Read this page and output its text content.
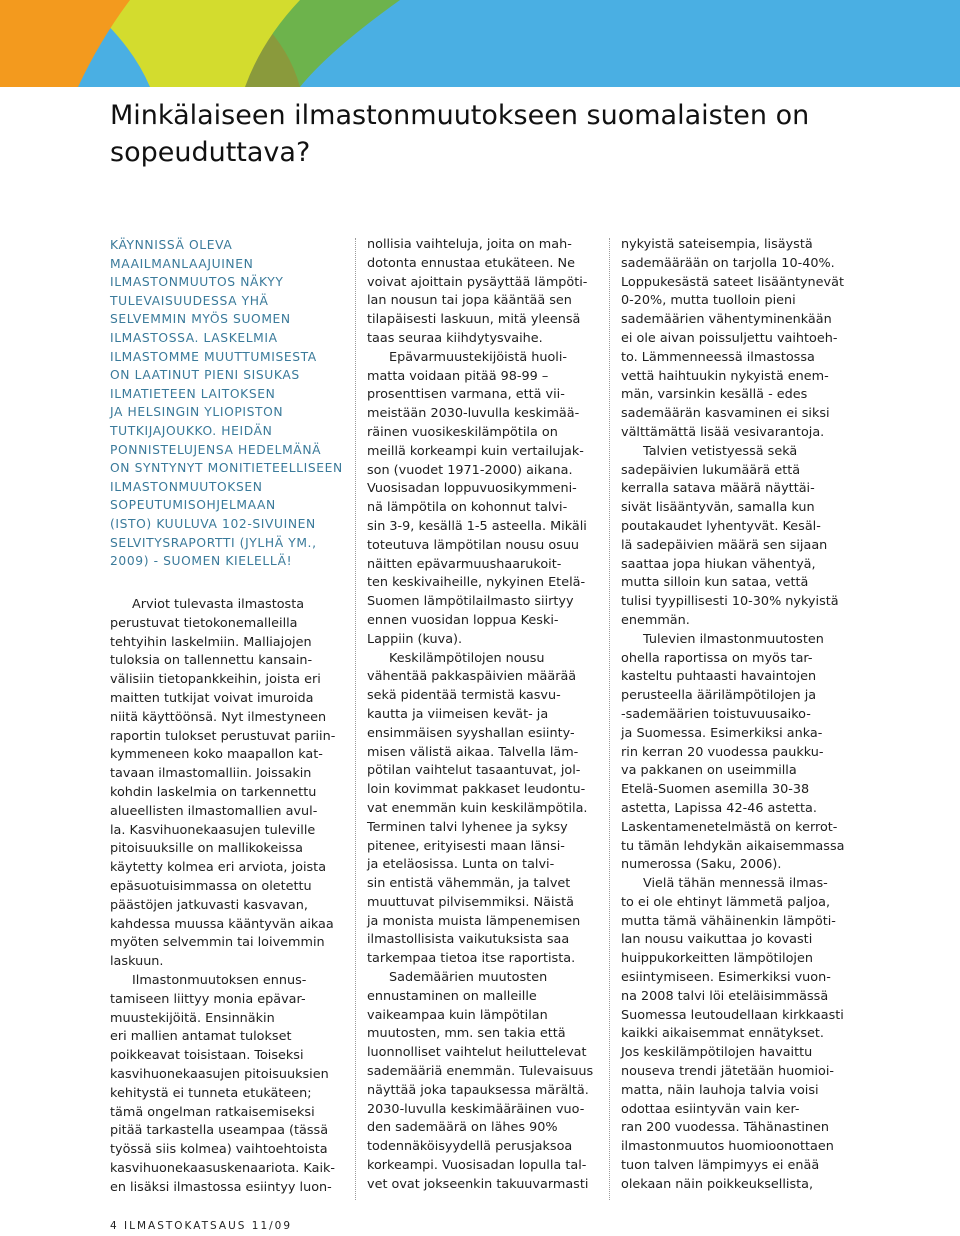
Minkälaiseen ilmastonmuutokseen suomalaisten on sopeuduttava?
KÄYNNISSÄ OLEVA
MAAILMANLAAJUINEN
ILMASTONMUUTOS NÄKYY
TULEVAISUUDESSA YHÄ
SELVEMMIN MYÖS SUOMEN
ILMASTOSSA. LASKELMIA
ILMASTOMME MUUTTUMISESTA
ON LAATINUT PIENI SISUKAS
ILMATIETEEN LAITOKSEN
JA HELSINGIN YLIOPISTON
TUTKIJAJOUKKO. HEIDÄN
PONNISTELUJENSA HEDELMÄNÄ
ON SYNTYNYT MONITIETEELLISEEN
ILMASTONMUUTOKSEN
SOPEUTUMISOHJELMAAN
(ISTO) KUULUVA 102-SIVUINEN
SELVITYSRAPORTTI (JYLHÄ YM.,
2009) - SUOMEN KIELELLÄ!
Arviot tulevasta ilmastosta
perustuvat tietokonemalleilla
tehtyihin laskelmiin. Malliajojen
tuloksia on tallennettu kansain-
välisiin tietopankkeihin, joista eri
maitten tutkijat voivat imuroida
niitä käyttöönsä. Nyt ilmestyneen
raportin tulokset perustuvat pariin-
kymmeneen koko maapallon kat-
tavaan ilmastomalliin. Joissakin
kohdin laskelmia on tarkennettu
alueellisten ilmastomallien avul-
la. Kasvihuonekaasujen tuleville
pitoisuuksille on mallikokeissa
käytetty kolmea eri arviota, joista
epäsuotuisimmassa on oletettu
päästöjen jatkuvasti kasvavan,
kahdessa muussa kääntyvän aikaa
myöten selvemmin tai loivemmin
laskuun.
Ilmastonmuutoksen ennus-
tamiseen liittyy monia epävar-
muustekijöitä. Ensinnäkin
eri mallien antamat tulokset
poikkeavat toisistaan. Toiseksi
kasvihuonekaasujen pitoisuuksien
kehitystä ei tunneta etukäteen;
tämä ongelman ratkaisemiseksi
pitää tarkastella useampaa (tässä
työssä siis kolmea) vaihtoehtoista
kasvihuonekaasuskenaariota. Kaik-
en lisäksi ilmastossa esiintyy luon-
nollisia vaihteluja, joita on mah-
dotonta ennustaa etukäteen. Ne
voivat ajoittain pysäyttää lämpöti-
lan nousun tai jopa kääntää sen
tilapäisesti laskuun, mitä yleensä
taas seuraa kiihdytysvaihe.
Epävarmuustekijöistä huoli-
matta voidaan pitää 98-99 –
prosenttisen varmana, että vii-
meistään 2030-luvulla keskimää-
räinen vuosikeskilämpötila on
meillä korkeampi kuin vertailujak-
son (vuodet 1971-2000) aikana.
Vuosisadan loppuvuosikymmeni-
nä lämpötila on kohonnut talvi-
sin 3-9, kesällä 1-5 asteella. Mikäli
toteutuva lämpötilan nousu osuu
näitten epävarmuushaarukoit-
ten keskivaiheille, nykyinen Etelä-
Suomen lämpötilailmasto siirtyy
ennen vuosidan loppua Keski-
Lappiin (kuva).
Keskilämpötilojen nousu
vähentää pakkaspäivien määrää
sekä pidentää termistä kasvu-
kautta ja viimeisen kevät- ja
ensimmäisen syyshallan esiinty-
misen välistä aikaa. Talvella läm-
pötilan vaihtelut tasaantuvat, jol-
loin kovimmat pakkaset leudontu-
vat enemmän kuin keskilämpötila.
Terminen talvi lyhenee ja syksy
pitenee, erityisesti maan länsi-
ja eteläosissa. Lunta on talvi-
sin entistä vähemmän, ja talvet
muuttuvat pilvisemmiksi. Näistä
ja monista muista lämpenemisen
ilmastollisista vaikutuksista saa
tarkempaa tietoa itse raportista.
Sademäärien muutosten
ennustaminen on malleille
vaikeampaa kuin lämpötilan
muutosten, mm. sen takia että
luonnolliset vaihtelut heiluttelevat
sademääriä enemmän. Tulevaisuus
näyttää joka tapauksessa märältä.
2030-luvulla keskimääräinen vuo-
den sademäärä on lähes 90%
todennäköisyydellä perusjaksoa
korkeampi. Vuosisadan lopulla tal-
vet ovat jokseenkin takuuvarmasti
nykyistä sateisempia, lisäystä
sademäärään on tarjolla 10-40%.
Loppukesästä sateet lisääntynevät
0-20%, mutta tuolloin pieni
sademäärien vähentyminenkään
ei ole aivan poissuljettu vaihtoeh-
to. Lämmenneessä ilmastossa
vettä haihtuukin nykyistä enem-
män, varsinkin kesällä - edes
sademäärän kasvaminen ei siksi
välttämättä lisää vesivarantoja.
Talvien vetistyessä sekä
sadepäivien lukumäärä että
kerralla satava määrä näyttäi-
sivät lisääntyvän, samalla kun
poutakaudet lyhentyvät. Kesäl-
lä sadepäivien määrä sen sijaan
saattaa jopa hiukan vähentyä,
mutta silloin kun sataa, vettä
tulisi tyypillisesti 10-30% nykyistä
enemmän.
Tulevien ilmastonmuutosten
ohella raportissa on myös tar-
kasteltu puhtaasti havaintojen
perusteella äärilämpötilojen ja
-sademäärien toistuvuusaiko-
ja Suomessa. Esimerkiksi anka-
rin kerran 20 vuodessa paukku-
va pakkanen on useimmilla
Etelä-Suomen asemilla 30-38
astetta, Lapissa 42-46 astetta.
Laskentamenetelmästä on kerrot-
tu tämän lehdykän aikaisemmassa
numerossa (Saku, 2006).
Vielä tähän mennessä ilmas-
to ei ole ehtinyt lämmetä paljoa,
mutta tämä vähäinenkin lämpöti-
lan nousu vaikuttaa jo kovasti
huippukorkeitten lämpötilojen
esiintymiseen. Esimerkiksi vuon-
na 2008 talvi löi eteläisimmässä
Suomessa leutoudellaan kirkkaasti
kaikki aikaisemmat ennätykset.
Jos keskilämpötilojen havaittu
nouseva trendi jätetään huomioi-
matta, näin lauhoja talvia voisi
odottaa esiintyvän vain ker-
ran 200 vuodessa. Tähänastinen
ilmastonmuutos huomioonottaen
tuon talven lämpimyys ei enää
olekaan näin poikkeuksellista,
4 ILMASTOKATSAUS 11/09
